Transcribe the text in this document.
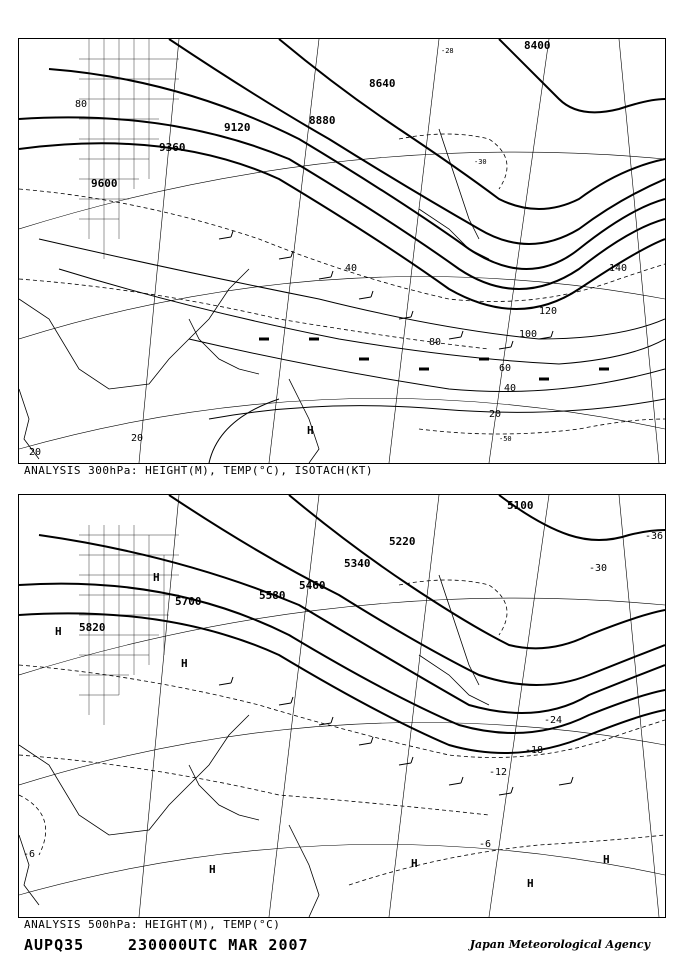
8400
8640
8880
9120
9360
9600
20
40
60
80
100
120
140
80
40
20
20
-28
-30
-50
H
ANALYSIS 300hPa: HEIGHT(M), TEMP(°C), ISOTACH(KT)
5100
5220
5340
5460
5580
5700
5820
-36
-30
-24
-18
-12
-6
-6
H
H
H	H
H
H
H
ANALYSIS 500hPa: HEIGHT(M), TEMP(°C)
AUPQ35	230000UTC MAR 2007	Japan Meteorological Agency
